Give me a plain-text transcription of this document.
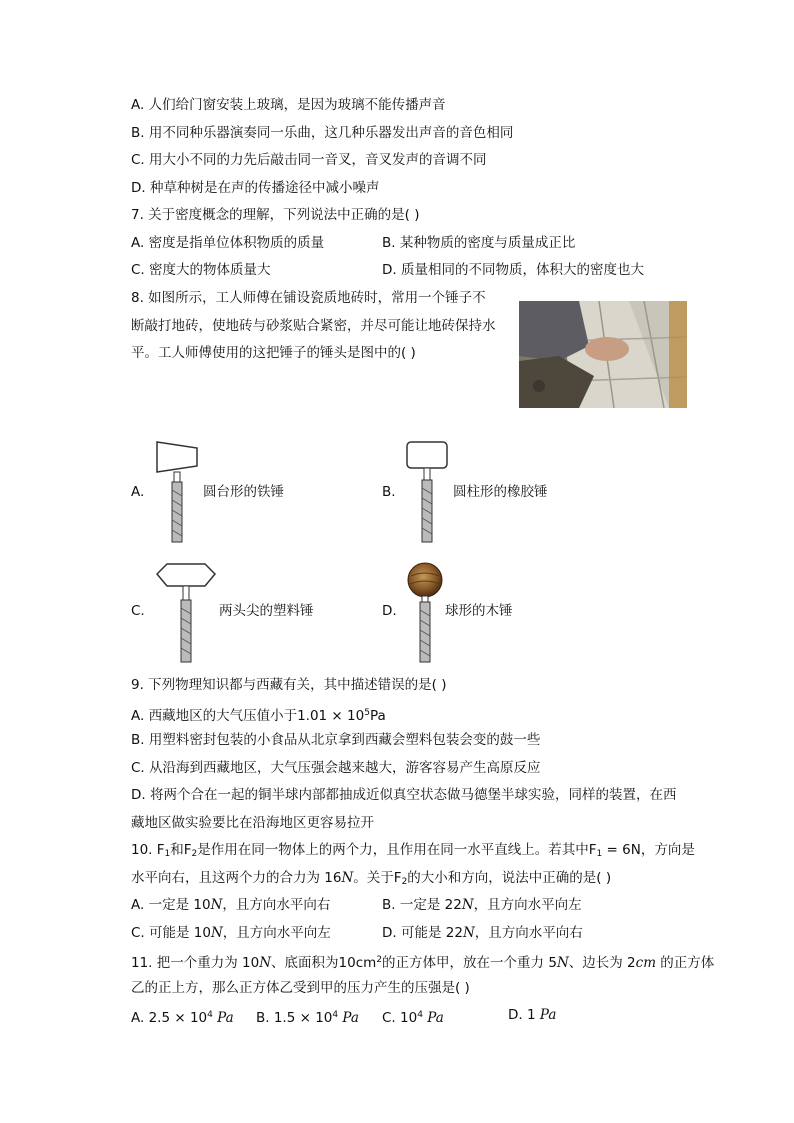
A. 人们给门窗安装上玻璃，是因为玻璃不能传播声音
B. 用不同种乐器演奏同一乐曲，这几种乐器发出声音的音色相同
C. 用大小不同的力先后敲击同一音叉，音叉发声的音调不同
D. 种草种树是在声的传播途径中减小噪声
7. 关于密度概念的理解，下列说法中正确的是( )
A. 密度是指单位体积物质的质量	B. 某种物质的密度与质量成正比
C. 密度大的物体质量大	D. 质量相同的不同物质，体积大的密度也大
8. 如图所示，工人师傅在铺设瓷质地砖时，常用一个锤子不
断敲打地砖，使地砖与砂浆贴合紧密，并尽可能让地砖保持水
平。工人师傅使用的这把锤子的锤头是图中的( )
A.	圆台形的铁锤	B.	圆柱形的橡胶锤
C.	两头尖的塑料锤	D.	球形的木锤
9. 下列物理知识都与西藏有关，其中描述错误的是( )
A. 西藏地区的大气压值小于$1.01 \times 10^5Pa$
B. 用塑料密封包装的小食品从北京拿到西藏会塑料包装会变的鼓一些
C. 从沿海到西藏地区，大气压强会越来越大，游客容易产生高原反应
D. 将两个合在一起的铜半球内部都抽成近似真空状态做马德堡半球实验，同样的装置，在西
藏地区做实验要比在沿海地区更容易拉开
10. $F_1$和$F_2$是作用在同一物体上的两个力，且作用在同一水平直线上。若其中$F_1 = 6N$，方向是
水平向右，且这两个力的合力为 16N。关于$F_2$的大小和方向，说法中正确的是( )
A. 一定是 10N，且方向水平向右	B. 一定是 22N，且方向水平向左
C. 可能是 10N，且方向水平向左	D. 可能是 22N，且方向水平向右
11. 把一个重力为 10N、底面积为$10cm^2$的正方体甲，放在一个重力 5N、边长为 2cm 的正方体
乙的正上方，那么正方体乙受到甲的压力产生的压强是( )
A. $2.5 \times 10^4$ Pa B. $1.5 \times 10^4$ Pa C. $10^4$ Pa	D. 1 Pa
